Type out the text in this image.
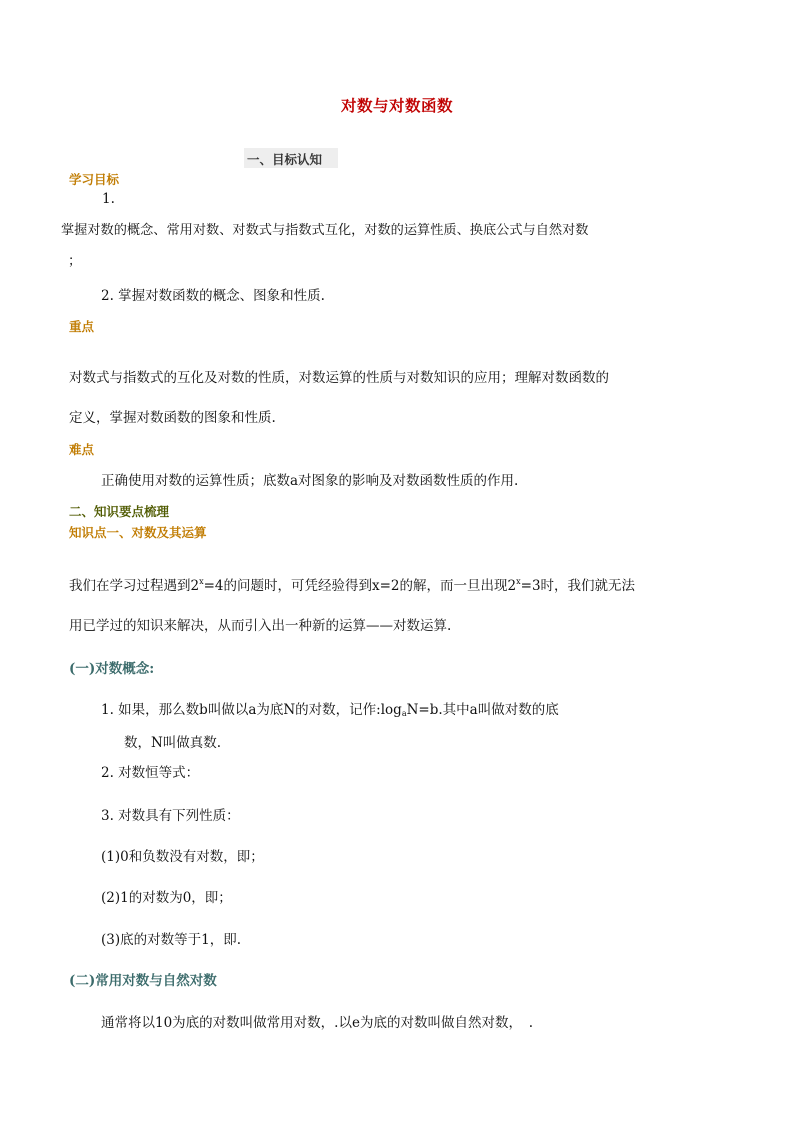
对数与对数函数
一、目标认知
学习目标
1.
掌握对数的概念、常用对数、对数式与指数式互化，对数的运算性质、换底公式与自然对数
；
2. 掌握对数函数的概念、图象和性质.
重点
对数式与指数式的互化及对数的性质，对数运算的性质与对数知识的应用；理解对数函数的
定义，掌握对数函数的图象和性质.
难点
正确使用对数的运算性质；底数a对图象的影响及对数函数性质的作用.
二、知识要点梳理
知识点一、对数及其运算
我们在学习过程遇到$2^x=4$的问题时，可凭经验得到x=2的解，而一旦出现$2^x=3$时，我们就无法
用已学过的知识来解决，从而引入出一种新的运算——对数运算.
(一)对数概念:
1. 如果，那么数b叫做以a为底N的对数，记作$:\log_aN=b$.其中a叫做对数的底
数，N叫做真数.
2. 对数恒等式：
3. 对数具有下列性质：
(1)0和负数没有对数，即；
(2)1的对数为0，即；
(3)底的对数等于1，即.
(二)常用对数与自然对数
通常将以10为底的对数叫做常用对数，.以e为底的对数叫做自然对数，　.
